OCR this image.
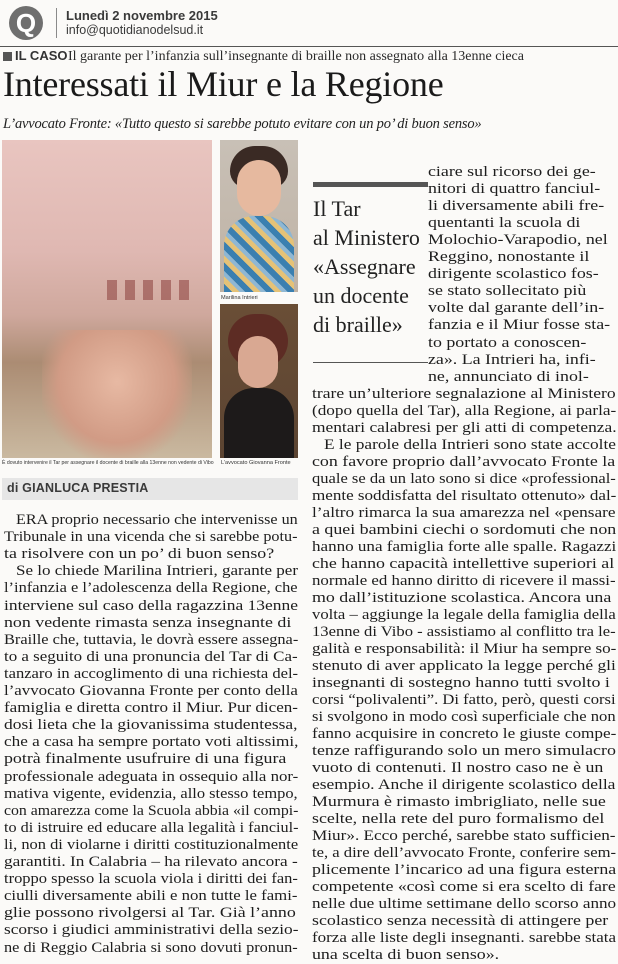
Q	Lunedì 2 novembre 2015
info@quotidianodelsud.it
IL CASO Il garante per l’infanzia sull’insegnante di braille non assegnato alla 13enne cieca
Interessati il Miur e la Regione
L’avvocato Fronte: «Tutto questo si sarebbe potuto evitare con un po’ di buon senso»
È dovuto intervenire il Tar per assegnare il docente di braille alla 13enne non vedente di Vibo
Marilina Intrieri
L’avvocato Giovanna Fronte
Il Tar
al Ministero
«Assegnare
un docente
di braille»
di GIANLUCA PRESTIA
ERA proprio necessario che intervenisse un
Tribunale in una vicenda che si sarebbe potu-
ta risolvere con un po’ di buon senso?
Se lo chiede Marilina Intrieri, garante per
l’infanzia e l’adolescenza della Regione, che
interviene sul caso della ragazzina 13enne
non vedente rimasta senza insegnante di
Braille che, tuttavia, le dovrà essere assegna-
to a seguito di una pronuncia del Tar di Ca-
tanzaro in accoglimento di una richiesta del-
l’avvocato Giovanna Fronte per conto della
famiglia e diretta contro il Miur. Pur dicen-
dosi lieta che la giovanissima studentessa,
che a casa ha sempre portato voti altissimi,
potrà finalmente usufruire di una figura
professionale adeguata in ossequio alla nor-
mativa vigente, evidenzia, allo stesso tempo,
con amarezza come la Scuola abbia «il compi-
to di istruire ed educare alla legalità i fanciul-
li, non di violarne i diritti costituzionalmente
garantiti. In Calabria – ha rilevato ancora -
troppo spesso la scuola viola i diritti dei fan-
ciulli diversamente abili e non tutte le fami-
glie possono rivolgersi al Tar. Già l’anno
scorso i giudici amministrativi della sezio-
ne di Reggio Calabria si sono dovuti pronun-
ciare sul ricorso dei ge-
nitori di quattro fanciul-
li diversamente abili fre-
quentanti la scuola di
Molochio-Varapodio, nel
Reggino, nonostante il
dirigente scolastico fos-
se stato sollecitato più
volte dal garante dell’in-
fanzia e il Miur fosse sta-
to portato a conoscen-
za». La Intrieri ha, infi-
ne, annunciato di inol-
trare un’ulteriore segnalazione al Ministero
(dopo quella del Tar), alla Regione, ai parla-
mentari calabresi per gli atti di competenza.
E le parole della Intrieri sono state accolte
con favore proprio dall’avvocato Fronte la
quale se da un lato sono si dice «professional-
mente soddisfatta del risultato ottenuto» dal-
l’altro rimarca la sua amarezza nel «pensare
a quei bambini ciechi o sordomuti che non
hanno una famiglia forte alle spalle. Ragazzi
che hanno capacità intellettive superiori al
normale ed hanno diritto di ricevere il massi-
mo dall’istituzione scolastica. Ancora una
volta – aggiunge la legale della famiglia della
13enne di Vibo - assistiamo al conflitto tra le-
galità e responsabilità: il Miur ha sempre so-
stenuto di aver applicato la legge perché gli
insegnanti di sostegno hanno tutti svolto i
corsi “polivalenti”. Di fatto, però, questi corsi
si svolgono in modo così superficiale che non
fanno acquisire in concreto le giuste compe-
tenze raffigurando solo un mero simulacro
vuoto di contenuti. Il nostro caso ne è un
esempio. Anche il dirigente scolastico della
Murmura è rimasto imbrigliato, nelle sue
scelte, nella rete del puro formalismo del
Miur». Ecco perché, sarebbe stato sufficien-
te, a dire dell’avvocato Fronte, conferire sem-
plicemente l’incarico ad una figura esterna
competente «così come si era scelto di fare
nelle due ultime settimane dello scorso anno
scolastico senza necessità di attingere per
forza alle liste degli insegnanti. sarebbe stata
una scelta di buon senso».
